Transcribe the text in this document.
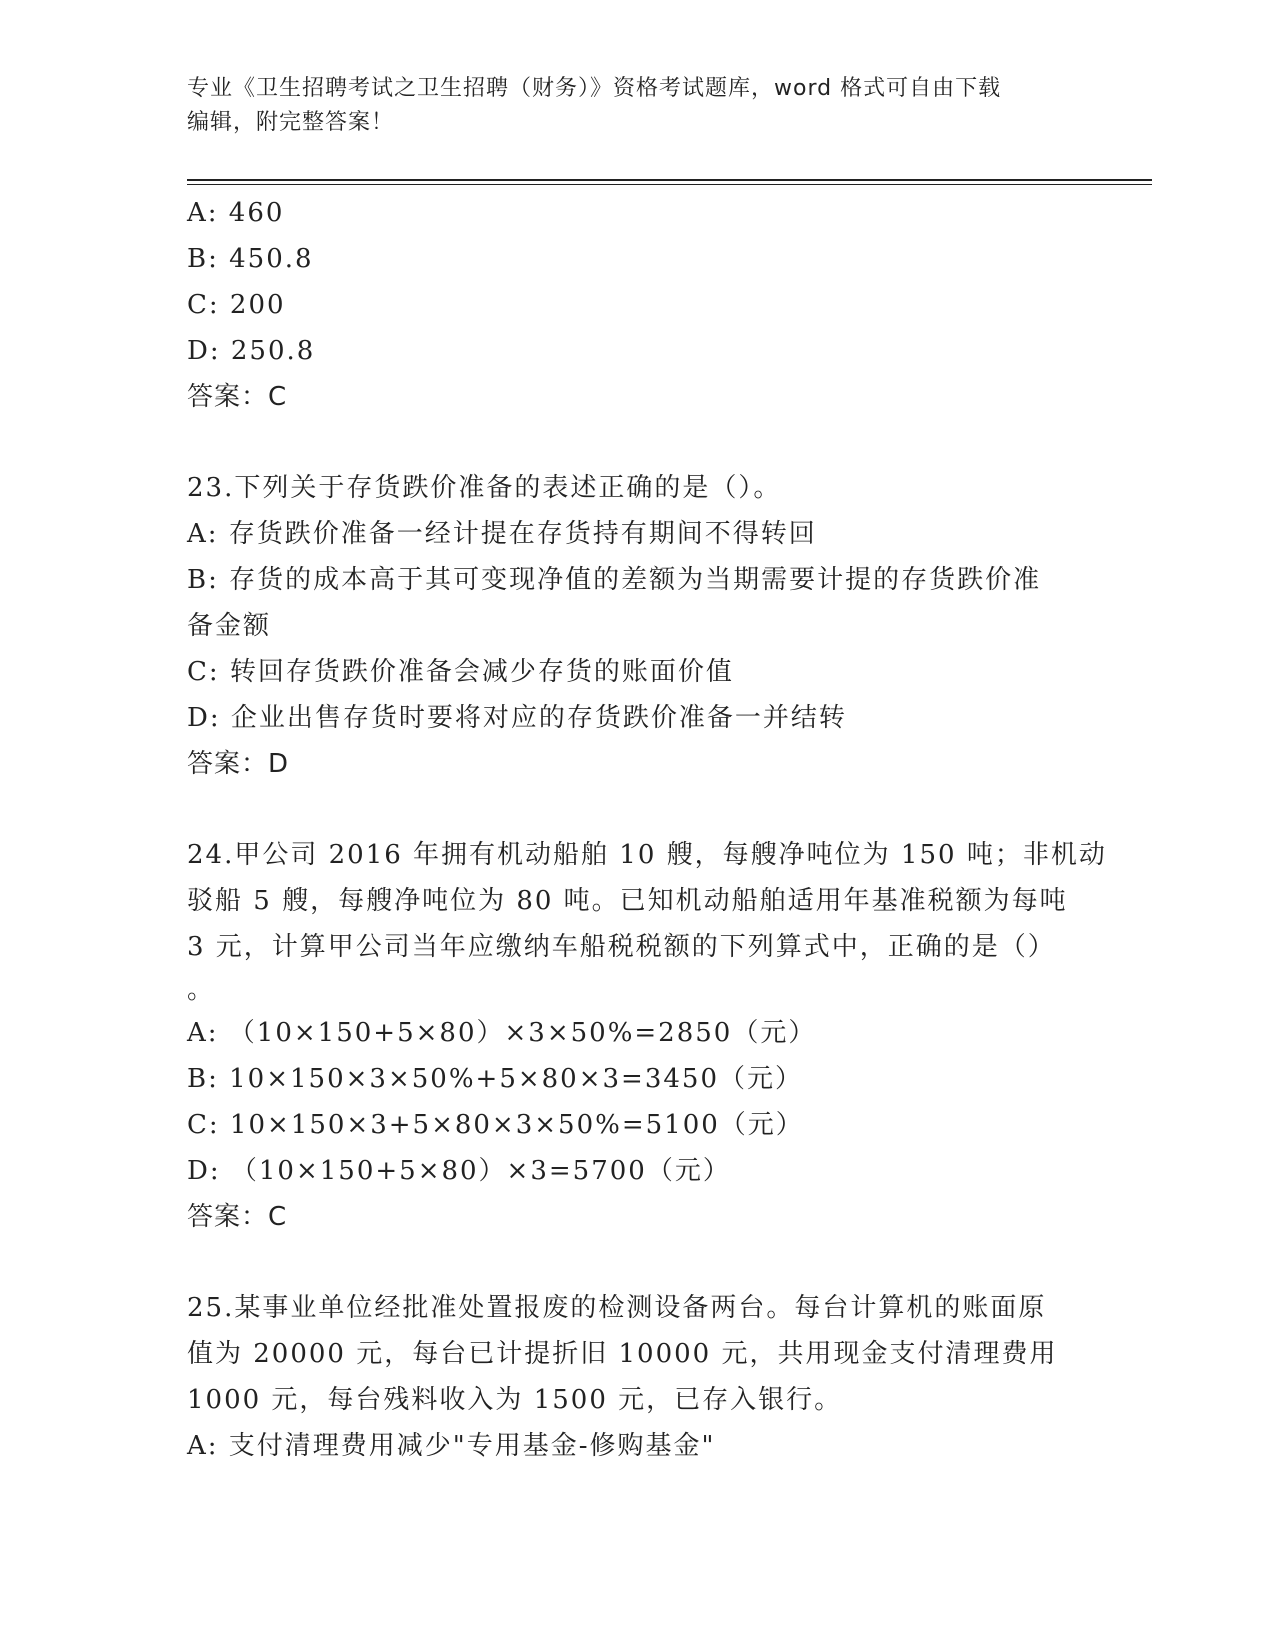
专业《卫生招聘考试之卫生招聘（财务）》资格考试题库，word 格式可自由下载
编辑，附完整答案！
A: 460
B: 450.8
C: 200
D: 250.8
答案：C
23.下列关于存货跌价准备的表述正确的是（）。
A: 存货跌价准备一经计提在存货持有期间不得转回
B: 存货的成本高于其可变现净值的差额为当期需要计提的存货跌价准
备金额
C: 转回存货跌价准备会减少存货的账面价值
D: 企业出售存货时要将对应的存货跌价准备一并结转
答案：D
24.甲公司 2016 年拥有机动船舶 10 艘，每艘净吨位为 150 吨；非机动
驳船 5 艘，每艘净吨位为 80 吨。已知机动船舶适用年基准税额为每吨
3 元，计算甲公司当年应缴纳车船税税额的下列算式中，正确的是（）
。
A: （10×150+5×80）×3×50%=2850（元）
B: 10×150×3×50%+5×80×3=3450（元）
C: 10×150×3+5×80×3×50%=5100（元）
D: （10×150+5×80）×3=5700（元）
答案：C
25.某事业单位经批准处置报废的检测设备两台。每台计算机的账面原
值为 20000 元，每台已计提折旧 10000 元，共用现金支付清理费用
1000 元，每台残料收入为 1500 元，已存入银行。
A: 支付清理费用减少"专用基金-修购基金"
